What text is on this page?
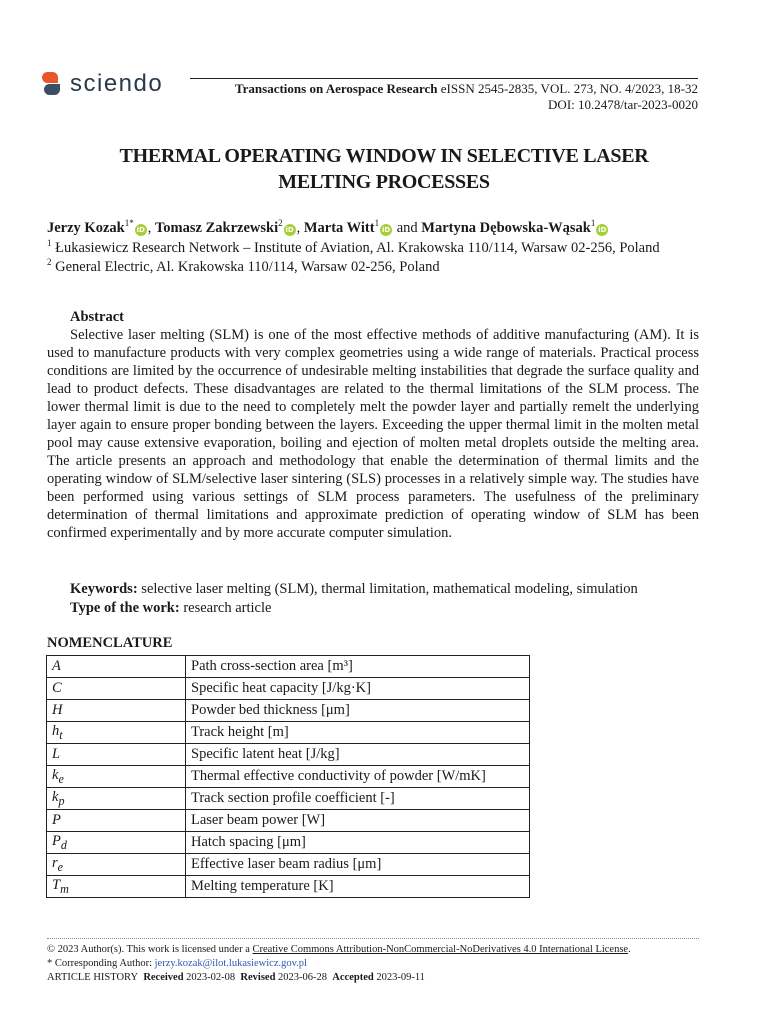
sciendo	Transactions on Aerospace Research eISSN 2545-2835, VOL. 273, NO. 4/2023, 18-32
DOI: 10.2478/tar-2023-0020
THERMAL OPERATING WINDOW IN SELECTIVE LASER
MELTING PROCESSES
Jerzy Kozak$^{1*}$iD , Tomasz Zakrzewski$^2$iD , Marta Witt$^1$iD and Martyna Dębowska-Wąsak$^1$iD
$^1$ Łukasiewicz Research Network – Institute of Aviation, Al. Krakowska 110/114, Warsaw 02-256, Poland
$^2$ General Electric, Al. Krakowska 110/114, Warsaw 02-256, Poland
Abstract
Selective laser melting (SLM) is one of the most effective methods of additive manufacturing (AM). It is used to manufacture products with very complex geometries using a wide range of materials. Practical process conditions are limited by the occurrence of undesirable melting instabilities that degrade the surface quality and lead to product defects. These disadvantages are related to the thermal limitations of the SLM process. The lower thermal limit is due to the need to completely melt the powder layer and partially remelt the underlying layer again to ensure proper bonding between the layers. Exceeding the upper thermal limit in the molten metal pool may cause extensive evaporation, boiling and ejection of molten metal droplets outside the melting area. The article presents an approach and methodology that enable the determination of thermal limits and the operating window of SLM/selective laser sintering (SLS) processes in a relatively simple way. The studies have been performed using various settings of SLM process parameters. The usefulness of the preliminary determination of thermal limitations and approximate prediction of operating window of SLM has been confirmed experimentally and by more accurate computer simulation.
Keywords: selective laser melting (SLM), thermal limitation, mathematical modeling, simulation
Type of the work: research article
NOMENCLATURE
A	Path cross-section area [m³]
C	Specific heat capacity [J/kg·K]
H	Powder bed thickness [μm]
$h_t$	Track height [m]
L	Specific latent heat [J/kg]
$k_e$	Thermal effective conductivity of powder [W/mK]
$k_p$	Track section profile coefficient [-]
P	Laser beam power [W]
$P_d$	Hatch spacing [μm]
$r_e$	Effective laser beam radius [μm]
$T_m$	Melting temperature [K]
© 2023 Author(s). This work is licensed under a Creative Commons Attribution-NonCommercial-NoDerivatives 4.0 International License.
* Corresponding Author: jerzy.kozak@ilot.lukasiewicz.gov.pl
ARTICLE HISTORY Received 2023-02-08 Revised 2023-06-28 Accepted 2023-09-11
